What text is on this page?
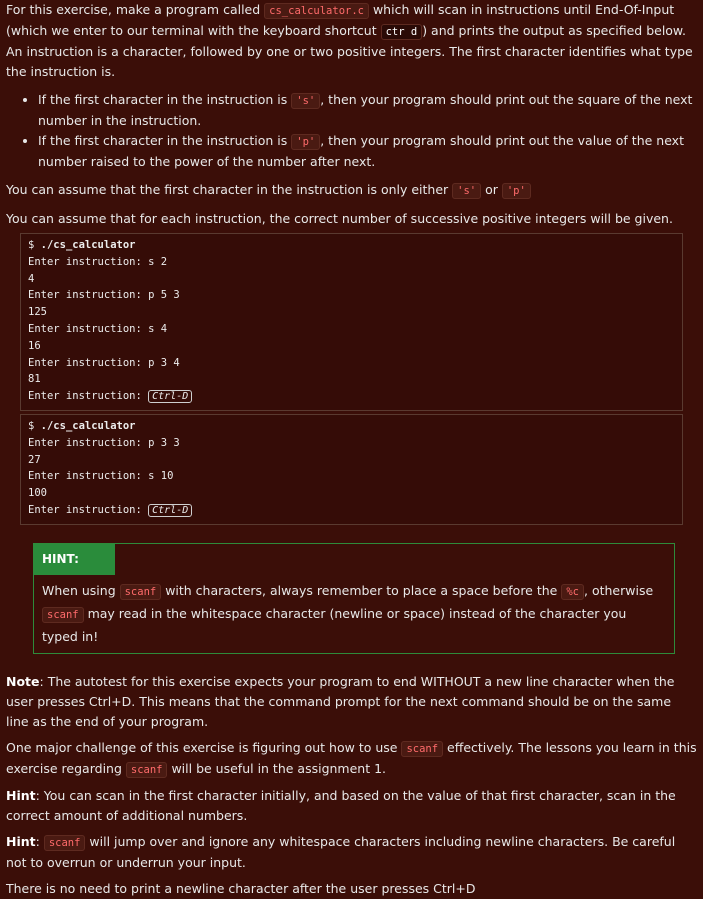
For this exercise, make a program called cs_calculator.c which will scan in instructions until End-Of-Input (which we enter to our terminal with the keyboard shortcut ctr d ) and prints the output as specified below. An instruction is a character, followed by one or two positive integers. The first character identifies what type the instruction is.

• If the first character in the instruction is 's' , then your program should print out the square of the next number in the instruction.
• If the first character in the instruction is 'p' , then your program should print out the value of the next number raised to the power of the number after next.

You can assume that the first character in the instruction is only either 's' or 'p'

You can assume that for each instruction, the correct number of successive positive integers will be given.

$ ./cs_calculator
Enter instruction: s 2
4
Enter instruction: p 5 3
125
Enter instruction: s 4
16
Enter instruction: p 3 4
81
Enter instruction: Ctrl-D
$ ./cs_calculator
Enter instruction: p 3 3
27
Enter instruction: s 10
100
Enter instruction: Ctrl-D
HINT:
When using scanf with characters, always remember to place a space before the %c , otherwise scanf may read in the whitespace character (newline or space) instead of the character you typed in!

Note: The autotest for this exercise expects your program to end WITHOUT a new line character when the user presses Ctrl+D. This means that the command prompt for the next command should be on the same line as the end of your program.

One major challenge of this exercise is figuring out how to use scanf effectively. The lessons you learn in this exercise regarding scanf will be useful in the assignment 1.

Hint: You can scan in the first character initially, and based on the value of that first character, scan in the correct amount of additional numbers.

Hint: scanf will jump over and ignore any whitespace characters including newline characters. Be careful not to overrun or underrun your input.

There is no need to print a newline character after the user presses Ctrl+D
